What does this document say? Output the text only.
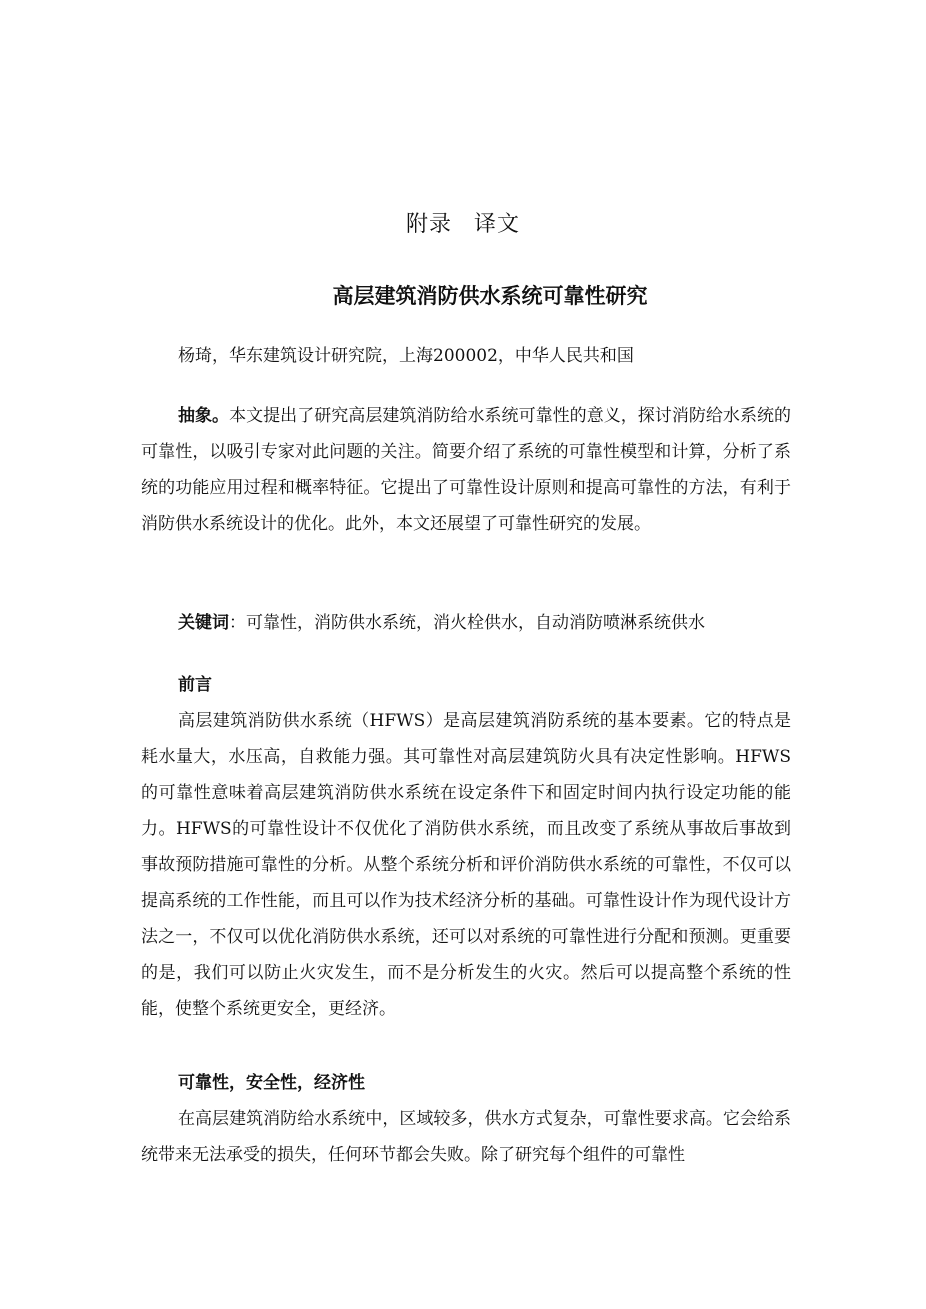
附录 译文
高层建筑消防供水系统可靠性研究
杨琦，华东建筑设计研究院，上海200002，中华人民共和国
抽象。本文提出了研究高层建筑消防给水系统可靠性的意义，探讨消防给水系统的可靠性，以吸引专家对此问题的关注。简要介绍了系统的可靠性模型和计算，分析了系统的功能应用过程和概率特征。它提出了可靠性设计原则和提高可靠性的方法，有利于消防供水系统设计的优化。此外，本文还展望了可靠性研究的发展。
关键词：可靠性，消防供水系统，消火栓供水，自动消防喷淋系统供水
前言
高层建筑消防供水系统（HFWS）是高层建筑消防系统的基本要素。它的特点是耗水量大，水压高，自救能力强。其可靠性对高层建筑防火具有决定性影响。HFWS 的可靠性意味着高层建筑消防供水系统在设定条件下和固定时间内执行设定功能的能力。HFWS的可靠性设计不仅优化了消防供水系统，而且改变了系统从事故后事故到事故预防措施可靠性的分析。从整个系统分析和评价消防供水系统的可靠性，不仅可以提高系统的工作性能，而且可以作为技术经济分析的基础。可靠性设计作为现代设计方法之一，不仅可以优化消防供水系统，还可以对系统的可靠性进行分配和预测。更重要的是，我们可以防止火灾发生，而不是分析发生的火灾。然后可以提高整个系统的性能，使整个系统更安全，更经济。
可靠性，安全性，经济性
在高层建筑消防给水系统中，区域较多，供水方式复杂，可靠性要求高。它会给系统带来无法承受的损失，任何环节都会失败。除了研究每个组件的可靠性
